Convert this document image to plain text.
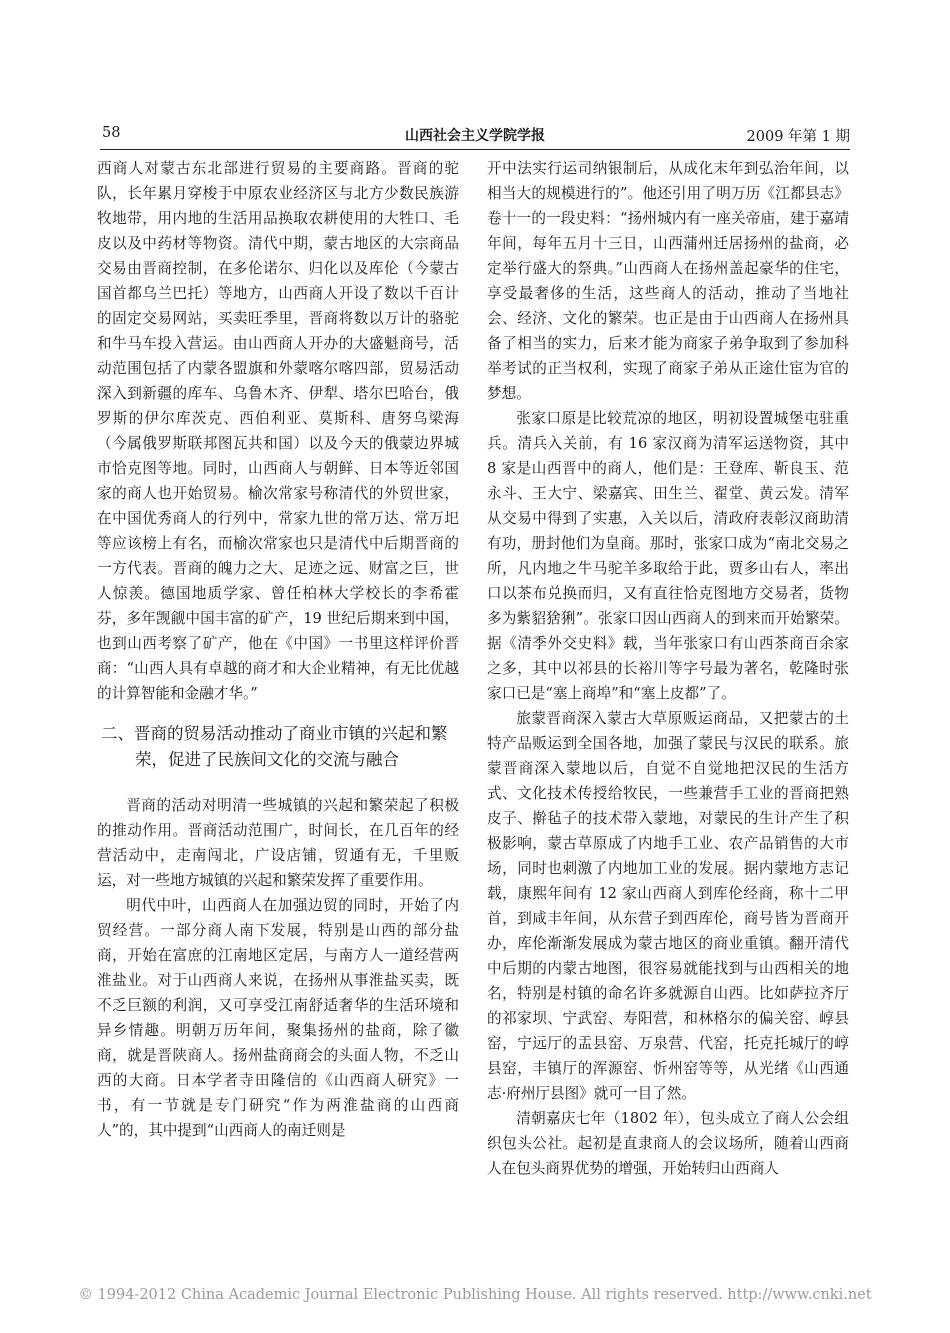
58	山西社会主义学院学报	2009 年第 1 期

西商人对蒙古东北部进行贸易的主要商路。晋商的驼队，长年累月穿梭于中原农业经济区与北方少数民族游牧地带，用内地的生活用品换取农耕使用的大牲口、毛皮以及中药材等物资。清代中期，蒙古地区的大宗商品交易由晋商控制，在多伦诺尔、归化以及库伦（今蒙古国首都乌兰巴托）等地方，山西商人开设了数以千百计的固定交易网站，买卖旺季里，晋商将数以万计的骆驼和牛马车投入营运。由山西商人开办的大盛魁商号，活动范围包括了内蒙各盟旗和外蒙喀尔喀四部，贸易活动深入到新疆的库车、乌鲁木齐、伊犁、塔尔巴哈台，俄罗斯的伊尔库茨克、西伯利亚、莫斯科、唐努乌梁海（今属俄罗斯联邦图瓦共和国）以及今天的俄蒙边界城市恰克图等地。同时，山西商人与朝鲜、日本等近邻国家的商人也开始贸易。榆次常家号称清代的外贸世家，在中国优秀商人的行列中，常家九世的常万达、常万圯等应该榜上有名，而榆次常家也只是清代中后期晋商的一方代表。晋商的魄力之大、足迹之远、财富之巨，世人惊羡。德国地质学家、曾任柏林大学校长的李希霍芬，多年觊觎中国丰富的矿产，19 世纪后期来到中国，也到山西考察了矿产，他在《中国》一书里这样评价晋商：“山西人具有卓越的商才和大企业精神，有无比优越的计算智能和金融才华。”

二、晋商的贸易活动推动了商业市镇的兴起和繁荣，促进了民族间文化的交流与融合

晋商的活动对明清一些城镇的兴起和繁荣起了积极的推动作用。晋商活动范围广，时间长，在几百年的经营活动中，走南闯北，广设店铺，贸通有无，千里贩运，对一些地方城镇的兴起和繁荣发挥了重要作用。

明代中叶，山西商人在加强边贸的同时，开始了内贸经营。一部分商人南下发展，特别是山西的部分盐商，开始在富庶的江南地区定居，与南方人一道经营两淮盐业。对于山西商人来说，在扬州从事淮盐买卖，既不乏巨额的利润，又可享受江南舒适奢华的生活环境和异乡情趣。明朝万历年间，聚集扬州的盐商，除了徽商，就是晋陕商人。扬州盐商商会的头面人物，不乏山西的大商。日本学者寺田隆信的《山西商人研究》一书，有一节就是专门研究“作为两淮盐商的山西商人”的，其中提到“山西商人的南迁则是

开中法实行运司纳银制后，从成化末年到弘治年间，以相当大的规模进行的”。他还引用了明万历《江都县志》卷十一的一段史料：“扬州城内有一座关帝庙，建于嘉靖年间，每年五月十三日，山西蒲州迁居扬州的盐商，必定举行盛大的祭典。”山西商人在扬州盖起豪华的住宅，享受最奢侈的生活，这些商人的活动，推动了当地社会、经济、文化的繁荣。也正是由于山西商人在扬州具备了相当的实力，后来才能为商家子弟争取到了参加科举考试的正当权利，实现了商家子弟从正途仕宦为官的梦想。

张家口原是比较荒凉的地区，明初设置城堡屯驻重兵。清兵入关前，有 16 家汉商为清军运送物资，其中 8 家是山西晋中的商人，他们是：王登库、靳良玉、范永斗、王大宁、梁嘉宾、田生兰、翟堂、黄云发。清军从交易中得到了实惠，入关以后，清政府表彰汉商助清有功，册封他们为皇商。那时，张家口成为“南北交易之所，凡内地之牛马驼羊多取给于此，贾多山右人，率出口以茶布兑换而归，又有直往恰克图地方交易者，货物多为紫貂猞猁”。张家口因山西商人的到来而开始繁荣。据《清季外交史料》载，当年张家口有山西茶商百余家之多，其中以祁县的长裕川等字号最为著名，乾隆时张家口已是“塞上商埠”和“塞上皮都”了。

旅蒙晋商深入蒙古大草原贩运商品，又把蒙古的土特产品贩运到全国各地，加强了蒙民与汉民的联系。旅蒙晋商深入蒙地以后，自觉不自觉地把汉民的生活方式、文化技术传授给牧民，一些兼营手工业的晋商把熟皮子、擀毡子的技术带入蒙地，对蒙民的生计产生了积极影响，蒙古草原成了内地手工业、农产品销售的大市场，同时也刺激了内地加工业的发展。据内蒙地方志记载，康熙年间有 12 家山西商人到库伦经商，称十二甲首，到咸丰年间，从东营子到西库伦，商号皆为晋商开办，库伦渐渐发展成为蒙古地区的商业重镇。翻开清代中后期的内蒙古地图，很容易就能找到与山西相关的地名，特别是村镇的命名许多就源自山西。比如萨拉齐厅的祁家坝、宁武窑、寿阳营，和林格尔的偏关窑、崞县窑，宁远厅的盂县窑、万泉营、代窑，托克托城厅的崞县窑，丰镇厅的浑源窑、忻州窑等等，从光绪《山西通志·府州厅县图》就可一目了然。

清朝嘉庆七年（1802 年），包头成立了商人公会组织包头公社。起初是直隶商人的会议场所，随着山西商人在包头商界优势的增强，开始转归山西商人

© 1994-2012 China Academic Journal Electronic Publishing House. All rights reserved. http://www.cnki.net
